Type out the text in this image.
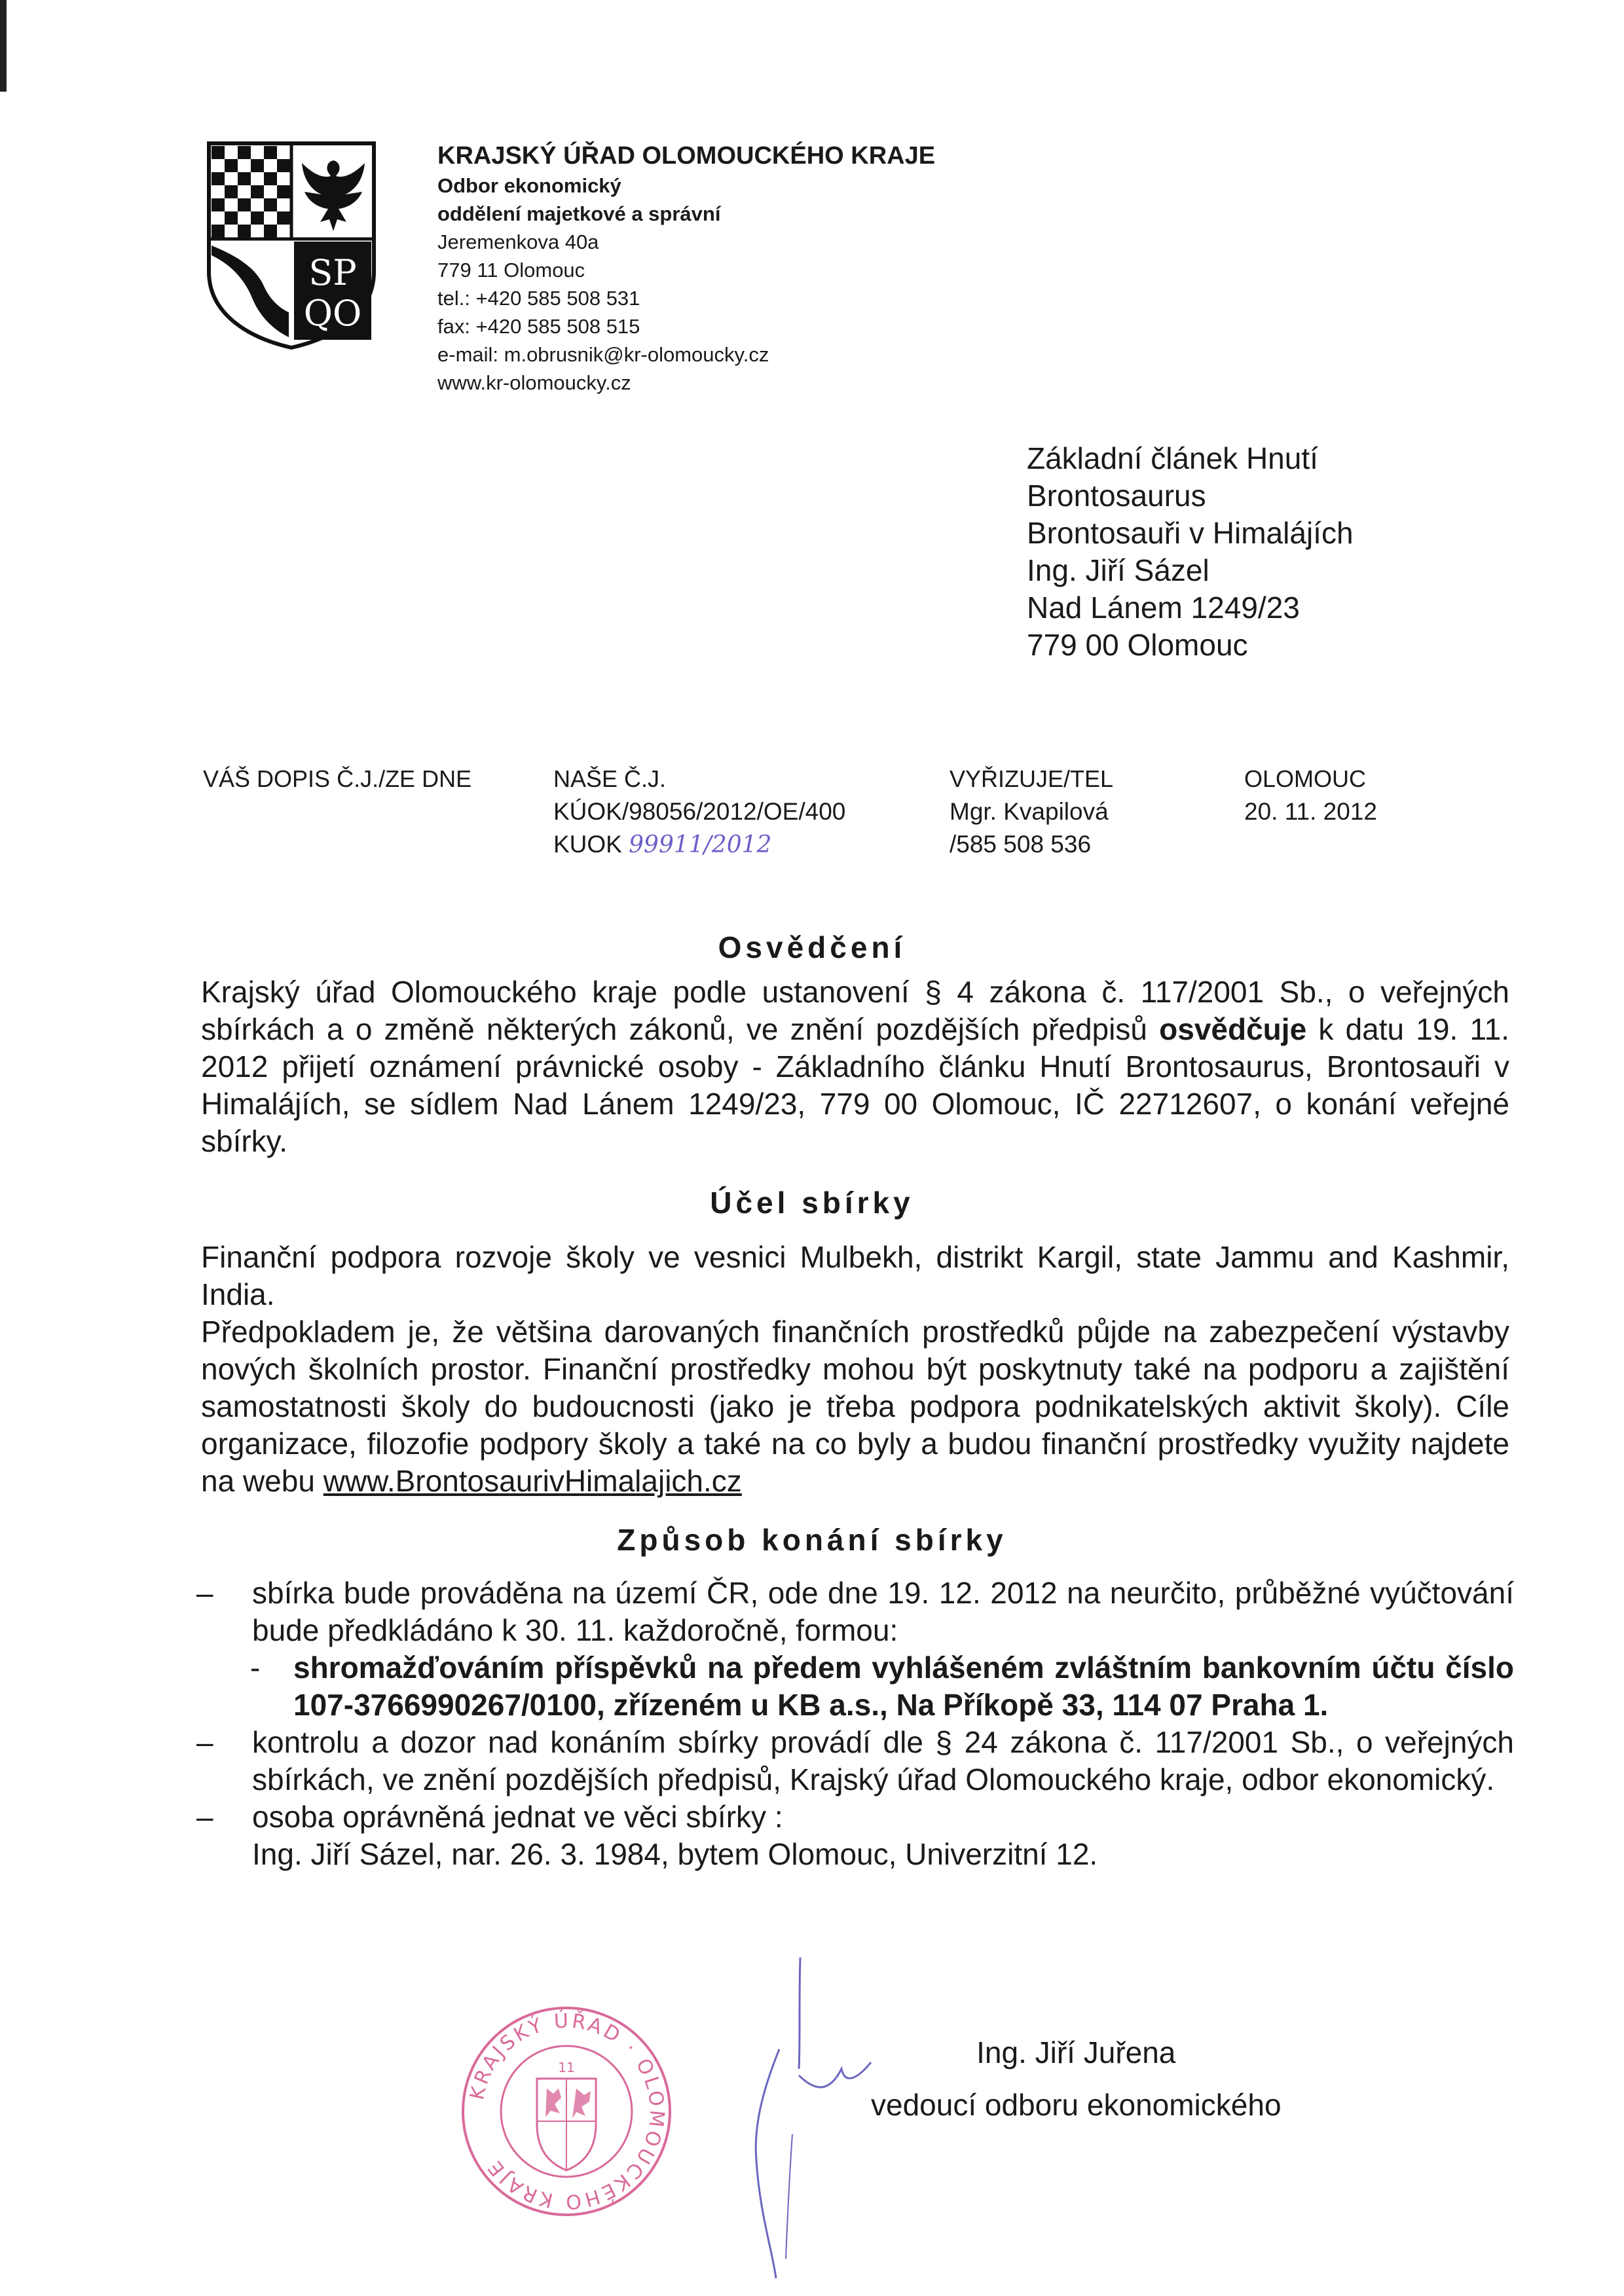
SP
QO
KRAJSKÝ ÚŘAD OLOMOUCKÉHO KRAJE
Odbor ekonomický
oddělení majetkové a správní
Jeremenkova 40a
779 11 Olomouc
tel.: +420 585 508 531
fax: +420 585 508 515
e-mail: m.obrusnik@kr-olomoucky.cz
www.kr-olomoucky.cz
Základní článek Hnutí
Brontosaurus
Brontosauři v Himalájích
Ing. Jiří Sázel
Nad Lánem 1249/23
779 00 Olomouc
VÁŠ DOPIS Č.J./ZE DNE	NAŠE Č.J.
KÚOK/98056/2012/OE/400
KUOK 99911/2012
VYŘIZUJE/TEL
Mgr. Kvapilová
/585 508 536
OLOMOUC
20. 11. 2012
Osvědčení

Krajský úřad Olomouckého kraje podle ustanovení § 4 zákona č. 117/2001 Sb., o veřejných sbírkách a o změně některých zákonů, ve znění pozdějších předpisů osvědčuje k datu 19. 11. 2012 přijetí oznámení právnické osoby - Základního článku Hnutí Brontosaurus, Brontosauři v Himalájích, se sídlem Nad Lánem 1249/23, 779 00 Olomouc, IČ 22712607, o konání veřejné sbírky.

Účel sbírky

Finanční podpora rozvoje školy ve vesnici Mulbekh, distrikt Kargil, state Jammu and Kashmir, India.

Předpokladem je, že většina darovaných finančních prostředků půjde na zabezpečení výstavby nových školních prostor. Finanční prostředky mohou být poskytnuty také na podporu a zajištění samostatnosti školy do budoucnosti (jako je třeba podpora podnikatelských aktivit školy). Cíle organizace, filozofie podpory školy a také na co byly a budou finanční prostředky využity najdete na webu www.BrontosaurivHimalajich.cz

Způsob konání sbírky
– sbírka bude prováděna na území ČR, ode dne 19. 12. 2012 na neurčito, průběžné vyúčtování bude předkládáno k 30. 11. každoročně, formou:
- shromažďováním příspěvků na předem vyhlášeném zvláštním bankovním účtu číslo 107-3766990267/0100, zřízeném u KB a.s., Na Příkopě 33, 114 07 Praha 1.
– kontrolu a dozor nad konáním sbírky provádí dle § 24 zákona č. 117/2001 Sb., o veřejných sbírkách, ve znění pozdějších předpisů, Krajský úřad Olomouckého kraje, odbor ekonomický.
– osoba oprávněná jednat ve věci sbírky :
Ing. Jiří Sázel, nar. 26. 3. 1984, bytem Olomouc, Univerzitní 12.
KRAJSKÝ ÚŘAD · OLOMOUCKÉHO KRAJE
11	Ing. Jiří Juřena
vedoucí odboru ekonomického
